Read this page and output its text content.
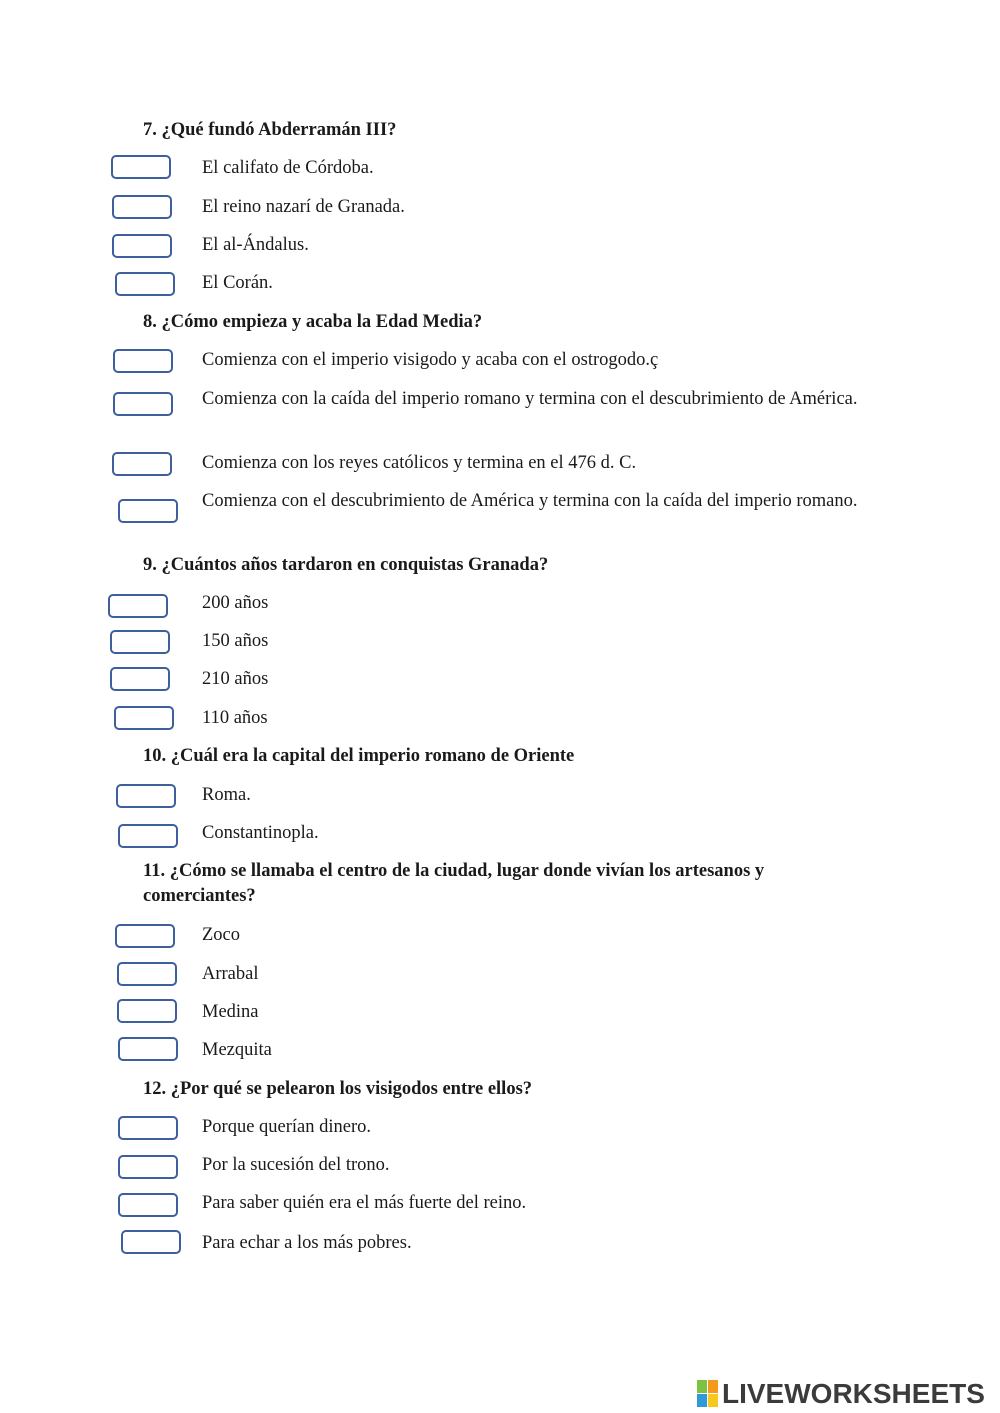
7. ¿Qué fundó Abderramán III?
El califato de Córdoba.
El reino nazarí de Granada.
El al-Ándalus.
El Corán.
8. ¿Cómo empieza y acaba la Edad Media?
Comienza con el imperio visigodo y acaba con el ostrogodo.ç
Comienza con la caída del imperio romano y termina con el descubrimiento de América.
Comienza con los reyes católicos y termina en el 476 d. C.
Comienza con el descubrimiento de América y termina con la caída del imperio romano.
9. ¿Cuántos años tardaron en conquistas Granada?
200 años
150 años
210 años
110 años
10. ¿Cuál era la capital del imperio romano de Oriente
Roma.
Constantinopla.
11. ¿Cómo se llamaba el centro de la ciudad, lugar donde vivían los artesanos y comerciantes?
Zoco
Arrabal
Medina
Mezquita
12. ¿Por qué se pelearon los visigodos entre ellos?
Porque querían dinero.
Por la sucesión del trono.
Para saber quién era el más fuerte del reino.
Para echar a los más pobres.
LIVEWORKSHEETS
